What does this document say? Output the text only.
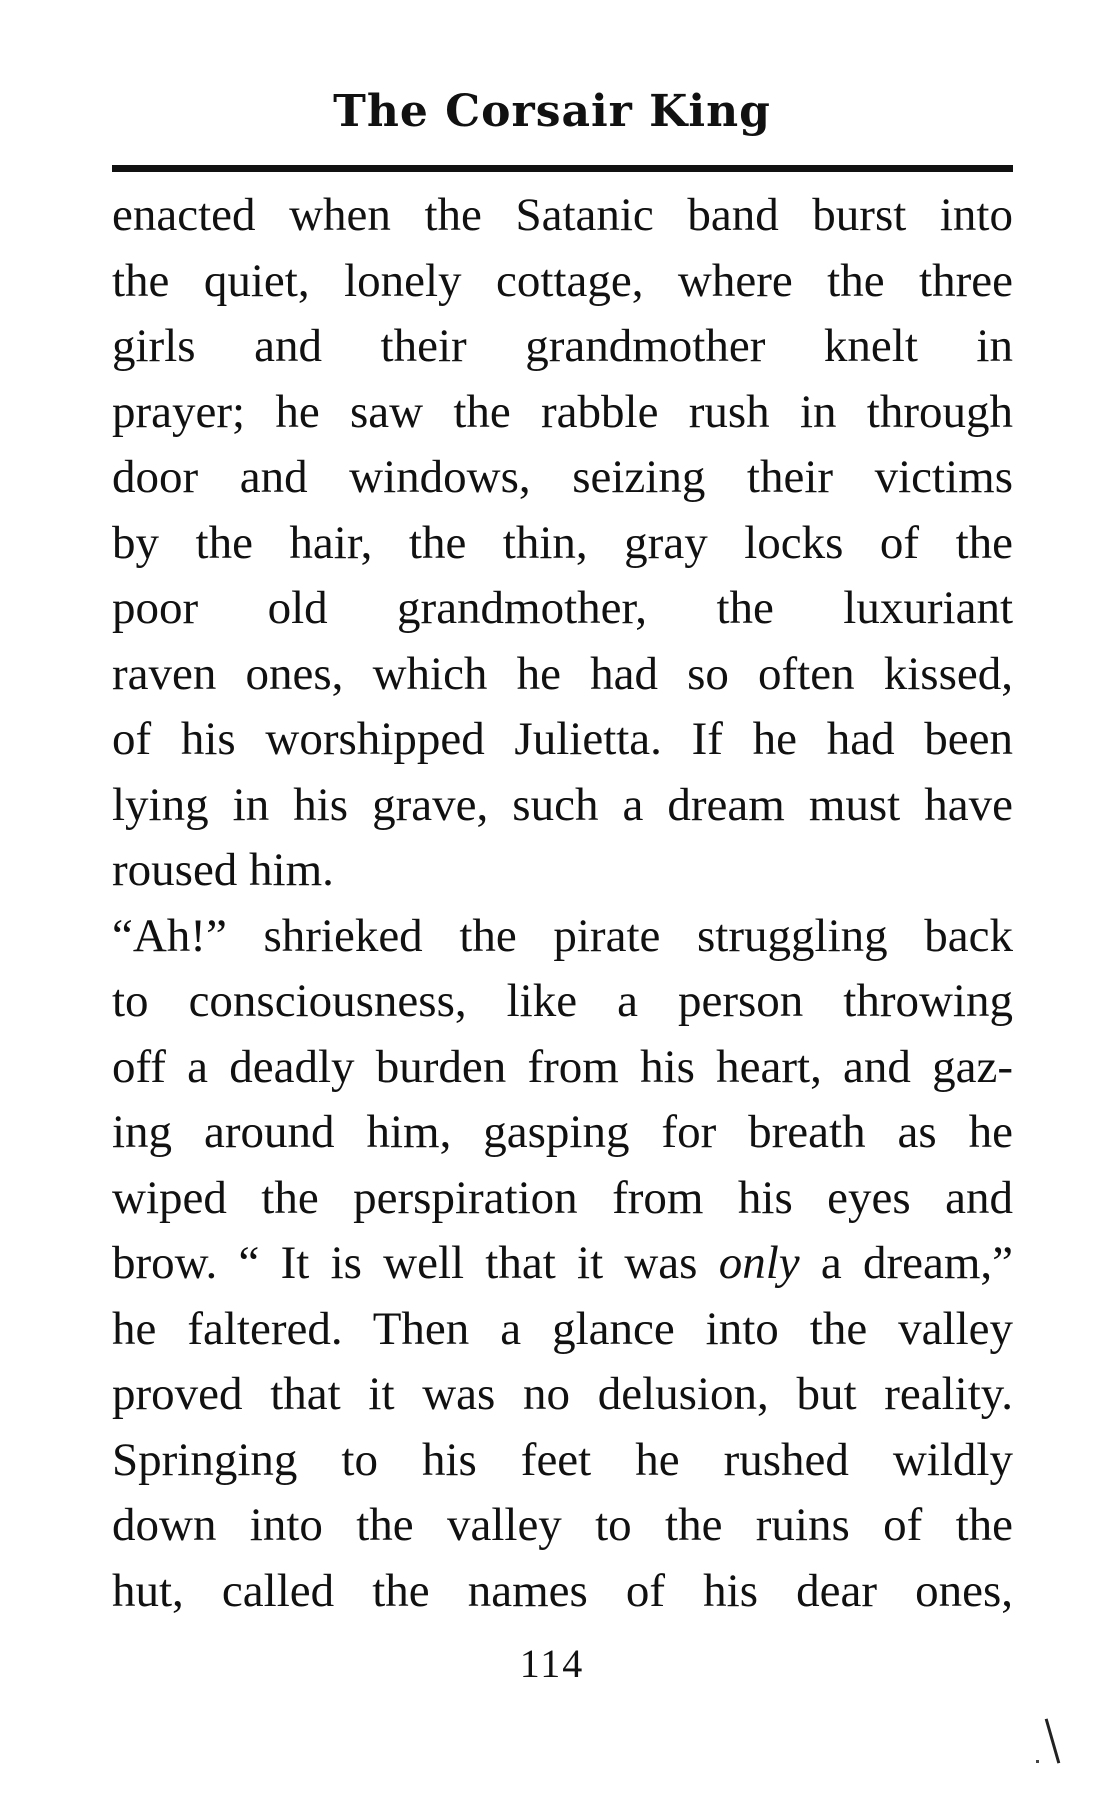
The Corsair King
enacted when the Satanic band burst into
the quiet, lonely cottage, where the three
girls and their grandmother knelt in
prayer; he saw the rabble rush in through
door and windows, seizing their victims
by the hair, the thin, gray locks of the
poor old grandmother, the luxuriant
raven ones, which he had so often kissed,
of his worshipped Julietta. If he had been
lying in his grave, such a dream must have
roused him.
“Ah!” shrieked the pirate struggling back
to consciousness, like a person throwing
off a deadly burden from his heart, and gaz-
ing around him, gasping for breath as he
wiped the perspiration from his eyes and
brow. “ It is well that it was only a dream,”
he faltered. Then a glance into the valley
proved that it was no delusion, but reality.
Springing to his feet he rushed wildly
down into the valley to the ruins of the
hut, called the names of his dear ones,
114
